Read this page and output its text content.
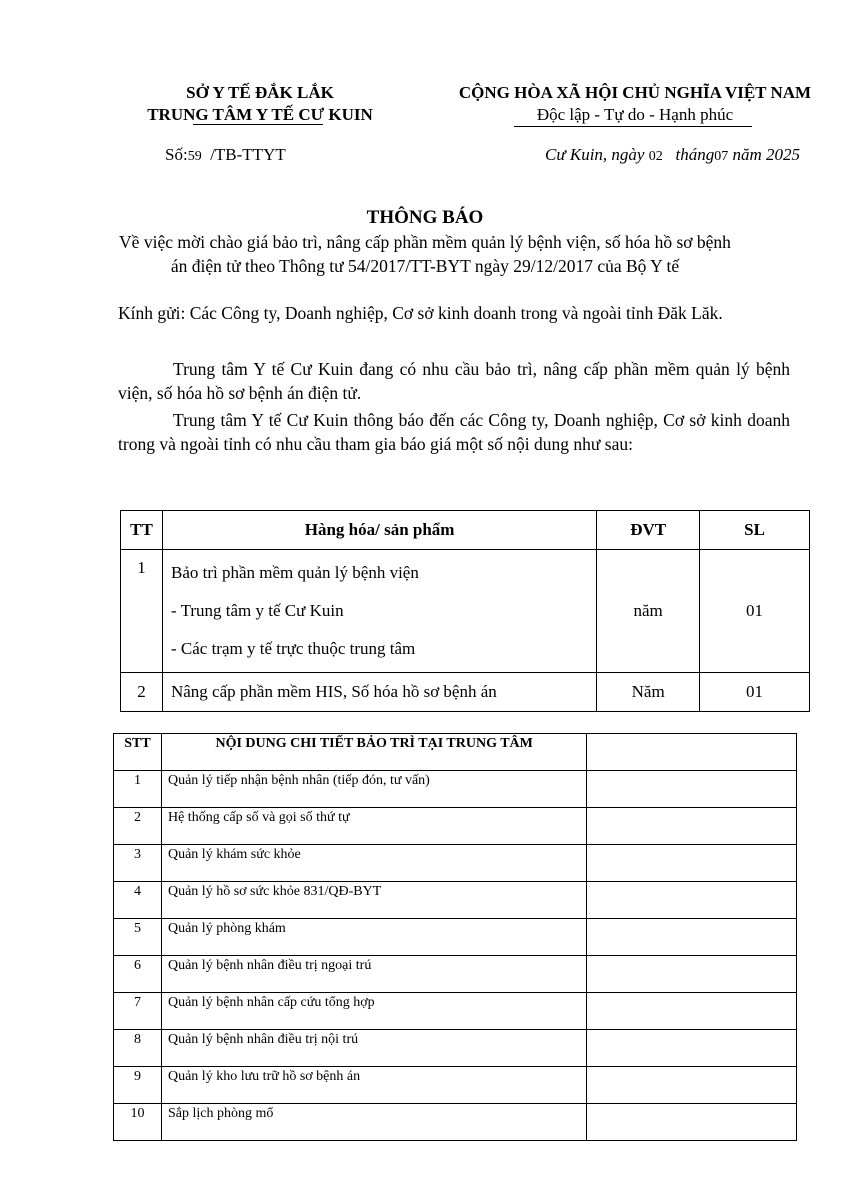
SỞ Y TẾ ĐẮK LẮK
TRUNG TÂM Y TẾ CƯ KUIN
CỘNG HÒA XÃ HỘI CHỦ NGHĨA VIỆT NAM
Độc lập - Tự do - Hạnh phúc
Số:59 /TB-TTYT	Cư Kuin, ngày 02 tháng07 năm 2025
THÔNG BÁO
Về việc mời chào giá bảo trì, nâng cấp phần mềm quản lý bệnh viện, số hóa hồ sơ bệnh án điện tử theo Thông tư 54/2017/TT-BYT ngày 29/12/2017 của Bộ Y tế
Kính gửi: Các Công ty, Doanh nghiệp, Cơ sở kinh doanh trong và ngoài tỉnh Đăk Lăk.
Trung tâm Y tế Cư Kuin đang có nhu cầu bảo trì, nâng cấp phần mềm quản lý bệnh viện, số hóa hồ sơ bệnh án điện tử.
Trung tâm Y tế Cư Kuin thông báo đến các Công ty, Doanh nghiệp, Cơ sở kinh doanh trong và ngoài tỉnh có nhu cầu tham gia báo giá một số nội dung như sau:
TT	Hàng hóa/ sản phẩm	ĐVT	SL
1	Bảo trì phần mềm quản lý bệnh viện
- Trung tâm y tế Cư Kuin
- Các trạm y tế trực thuộc trung tâm	năm	01
2	Nâng cấp phần mềm HIS, Số hóa hồ sơ bệnh án	Năm	01
STT	NỘI DUNG CHI TIẾT BẢO TRÌ TẠI TRUNG TÂM	
1	Quản lý tiếp nhận bệnh nhân (tiếp đón, tư vấn)	
2	Hệ thống cấp số và gọi số thứ tự	
3	Quản lý khám sức khỏe	
4	Quản lý hồ sơ sức khỏe 831/QĐ-BYT	
5	Quản lý phòng khám	
6	Quản lý bệnh nhân điều trị ngoại trú	
7	Quản lý bệnh nhân cấp cứu tổng hợp	
8	Quản lý bệnh nhân điều trị nội trú	
9	Quản lý kho lưu trữ hồ sơ bệnh án	
10	Sắp lịch phòng mổ	
